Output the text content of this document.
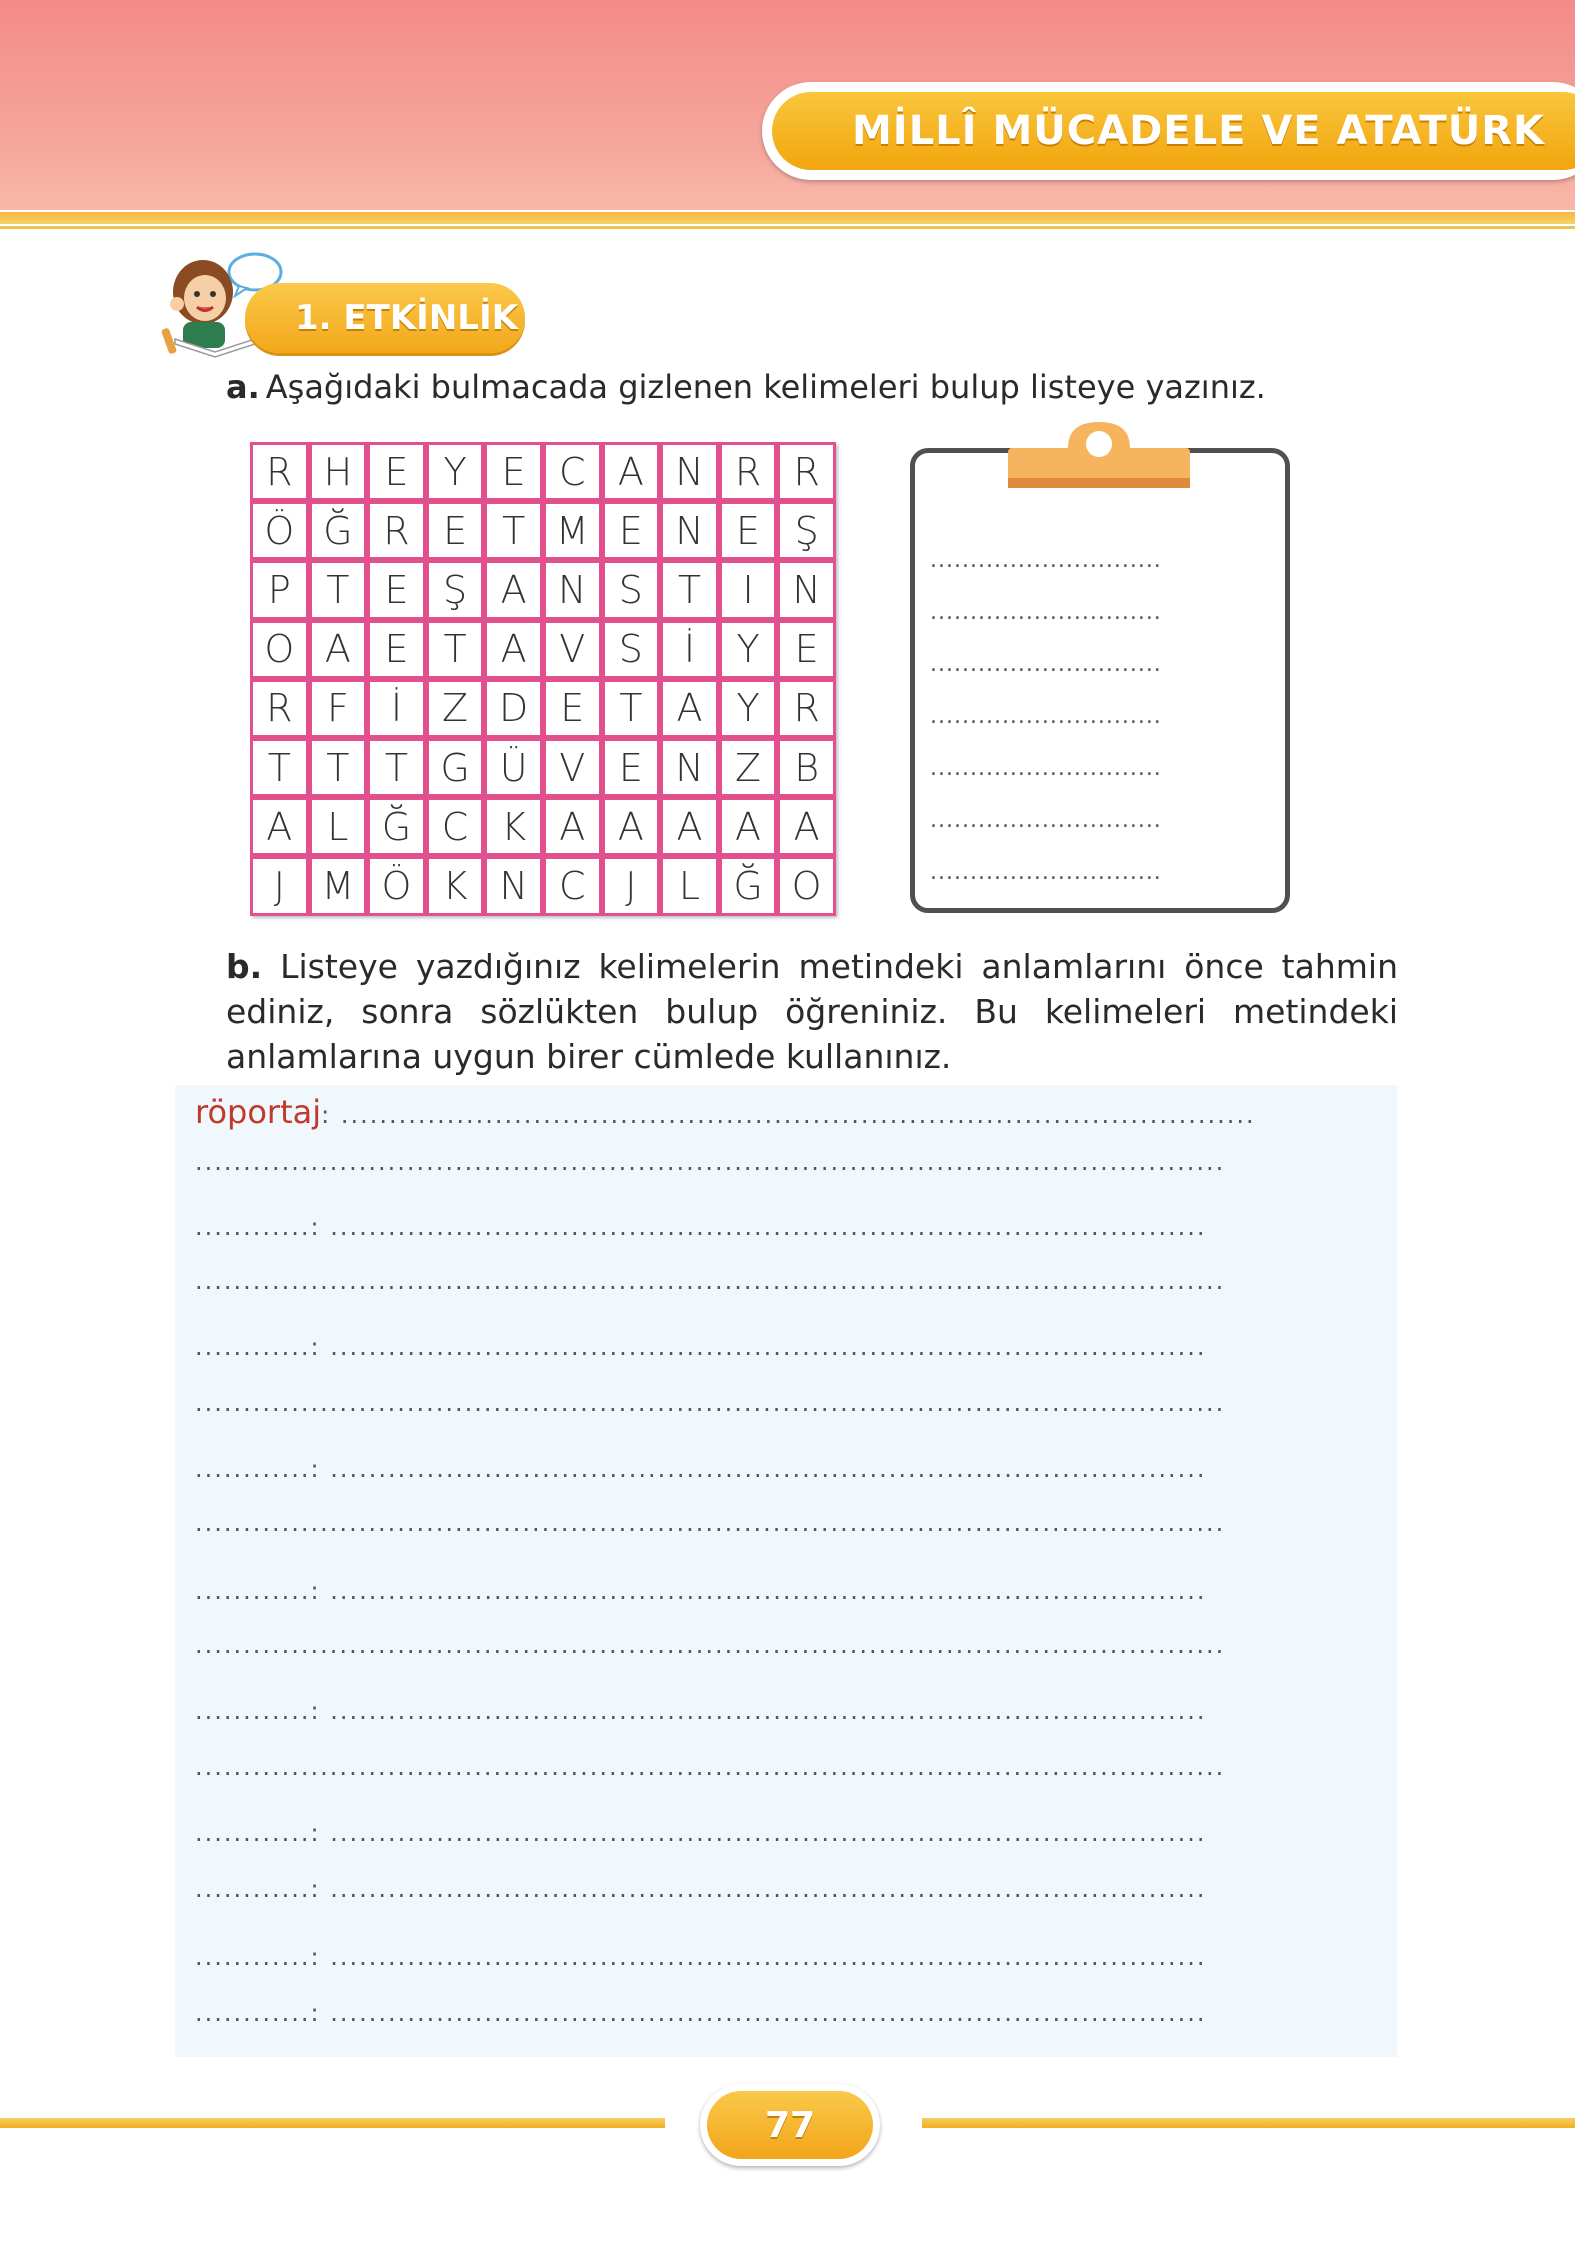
MİLLÎ MÜCADELE VE ATATÜRK
1. ETKİNLİK
a. Aşağıdaki bulmacada gizlenen kelimeleri bulup listeye yazınız.
R H E Y E C A N R R
Ö Ğ R E T M E N E Ş
P T E Ş A N S T	I	N
O A E T A V S	İ	Y E
R F	İ	Z D E T A Y R
T T T G Ü V E N Z B
A L Ğ C K A A A A A
J M Ö K N C	J	L Ğ O
b. Listeye yazdığınız kelimelerin metindeki anlamlarını önce tahmin ediniz, sonra sözlükten bulup öğreniniz. Bu kelimeleri metindeki anlamlarına uygun birer cümlede kullanınız.
röportaj: ...............................................................................................
...........................................................................................................
............: ...........................................................................................
...........................................................................................................
............: ...........................................................................................
...........................................................................................................
............: ...........................................................................................
...........................................................................................................
............: ...........................................................................................
...........................................................................................................
............: ...........................................................................................
...........................................................................................................
............: ...........................................................................................
............: ...........................................................................................
............: ...........................................................................................
............: ...........................................................................................
77
.............................
.............................
.............................
.............................
.............................
.............................
.............................
